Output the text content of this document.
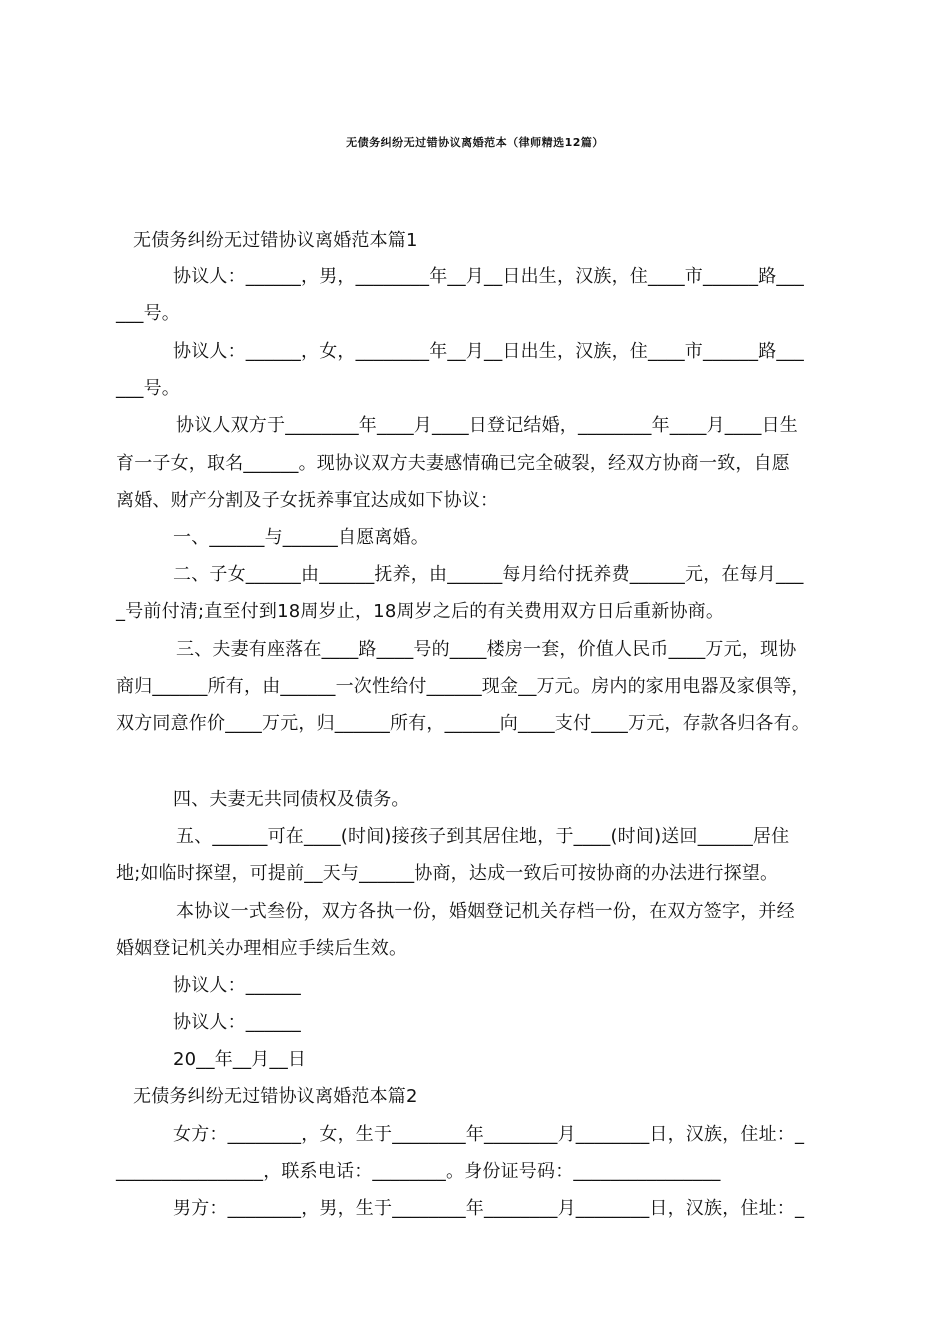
无债务纠纷无过错协议离婚范本（律师精选12篇）
无债务纠纷无过错协议离婚范本篇1
协议人：______，男，________年__月__日出生，汉族，住____市______路___
___号。
协议人：______，女，________年__月__日出生，汉族，住____市______路___
___号。
协议人双方于________年____月____日登记结婚，________年____月____日生
育一子女，取名______。现协议双方夫妻感情确已完全破裂，经双方协商一致，自愿
离婚、财产分割及子女抚养事宜达成如下协议：
一、______与______自愿离婚。
二、子女______由______抚养，由______每月给付抚养费______元，在每月___
_号前付清;直至付到18周岁止，18周岁之后的有关费用双方日后重新协商。
三、夫妻有座落在____路____号的____楼房一套，价值人民币____万元，现协
商归______所有，由______一次性给付______现金__万元。房内的家用电器及家俱等，
双方同意作价____万元，归______所有，______向____支付____万元，存款各归各有。
四、夫妻无共同债权及债务。
五、______可在____(时间)接孩子到其居住地，于____(时间)送回______居住
地;如临时探望，可提前__天与______协商，达成一致后可按协商的办法进行探望。
本协议一式叁份，双方各执一份，婚姻登记机关存档一份，在双方签字，并经
婚姻登记机关办理相应手续后生效。
协议人：______
协议人：______
20__年__月__日
无债务纠纷无过错协议离婚范本篇2
女方：________，女，生于________年________月________日，汉族，住址：_
________________，联系电话：________。身份证号码：________________
男方：________，男，生于________年________月________日，汉族，住址：_
